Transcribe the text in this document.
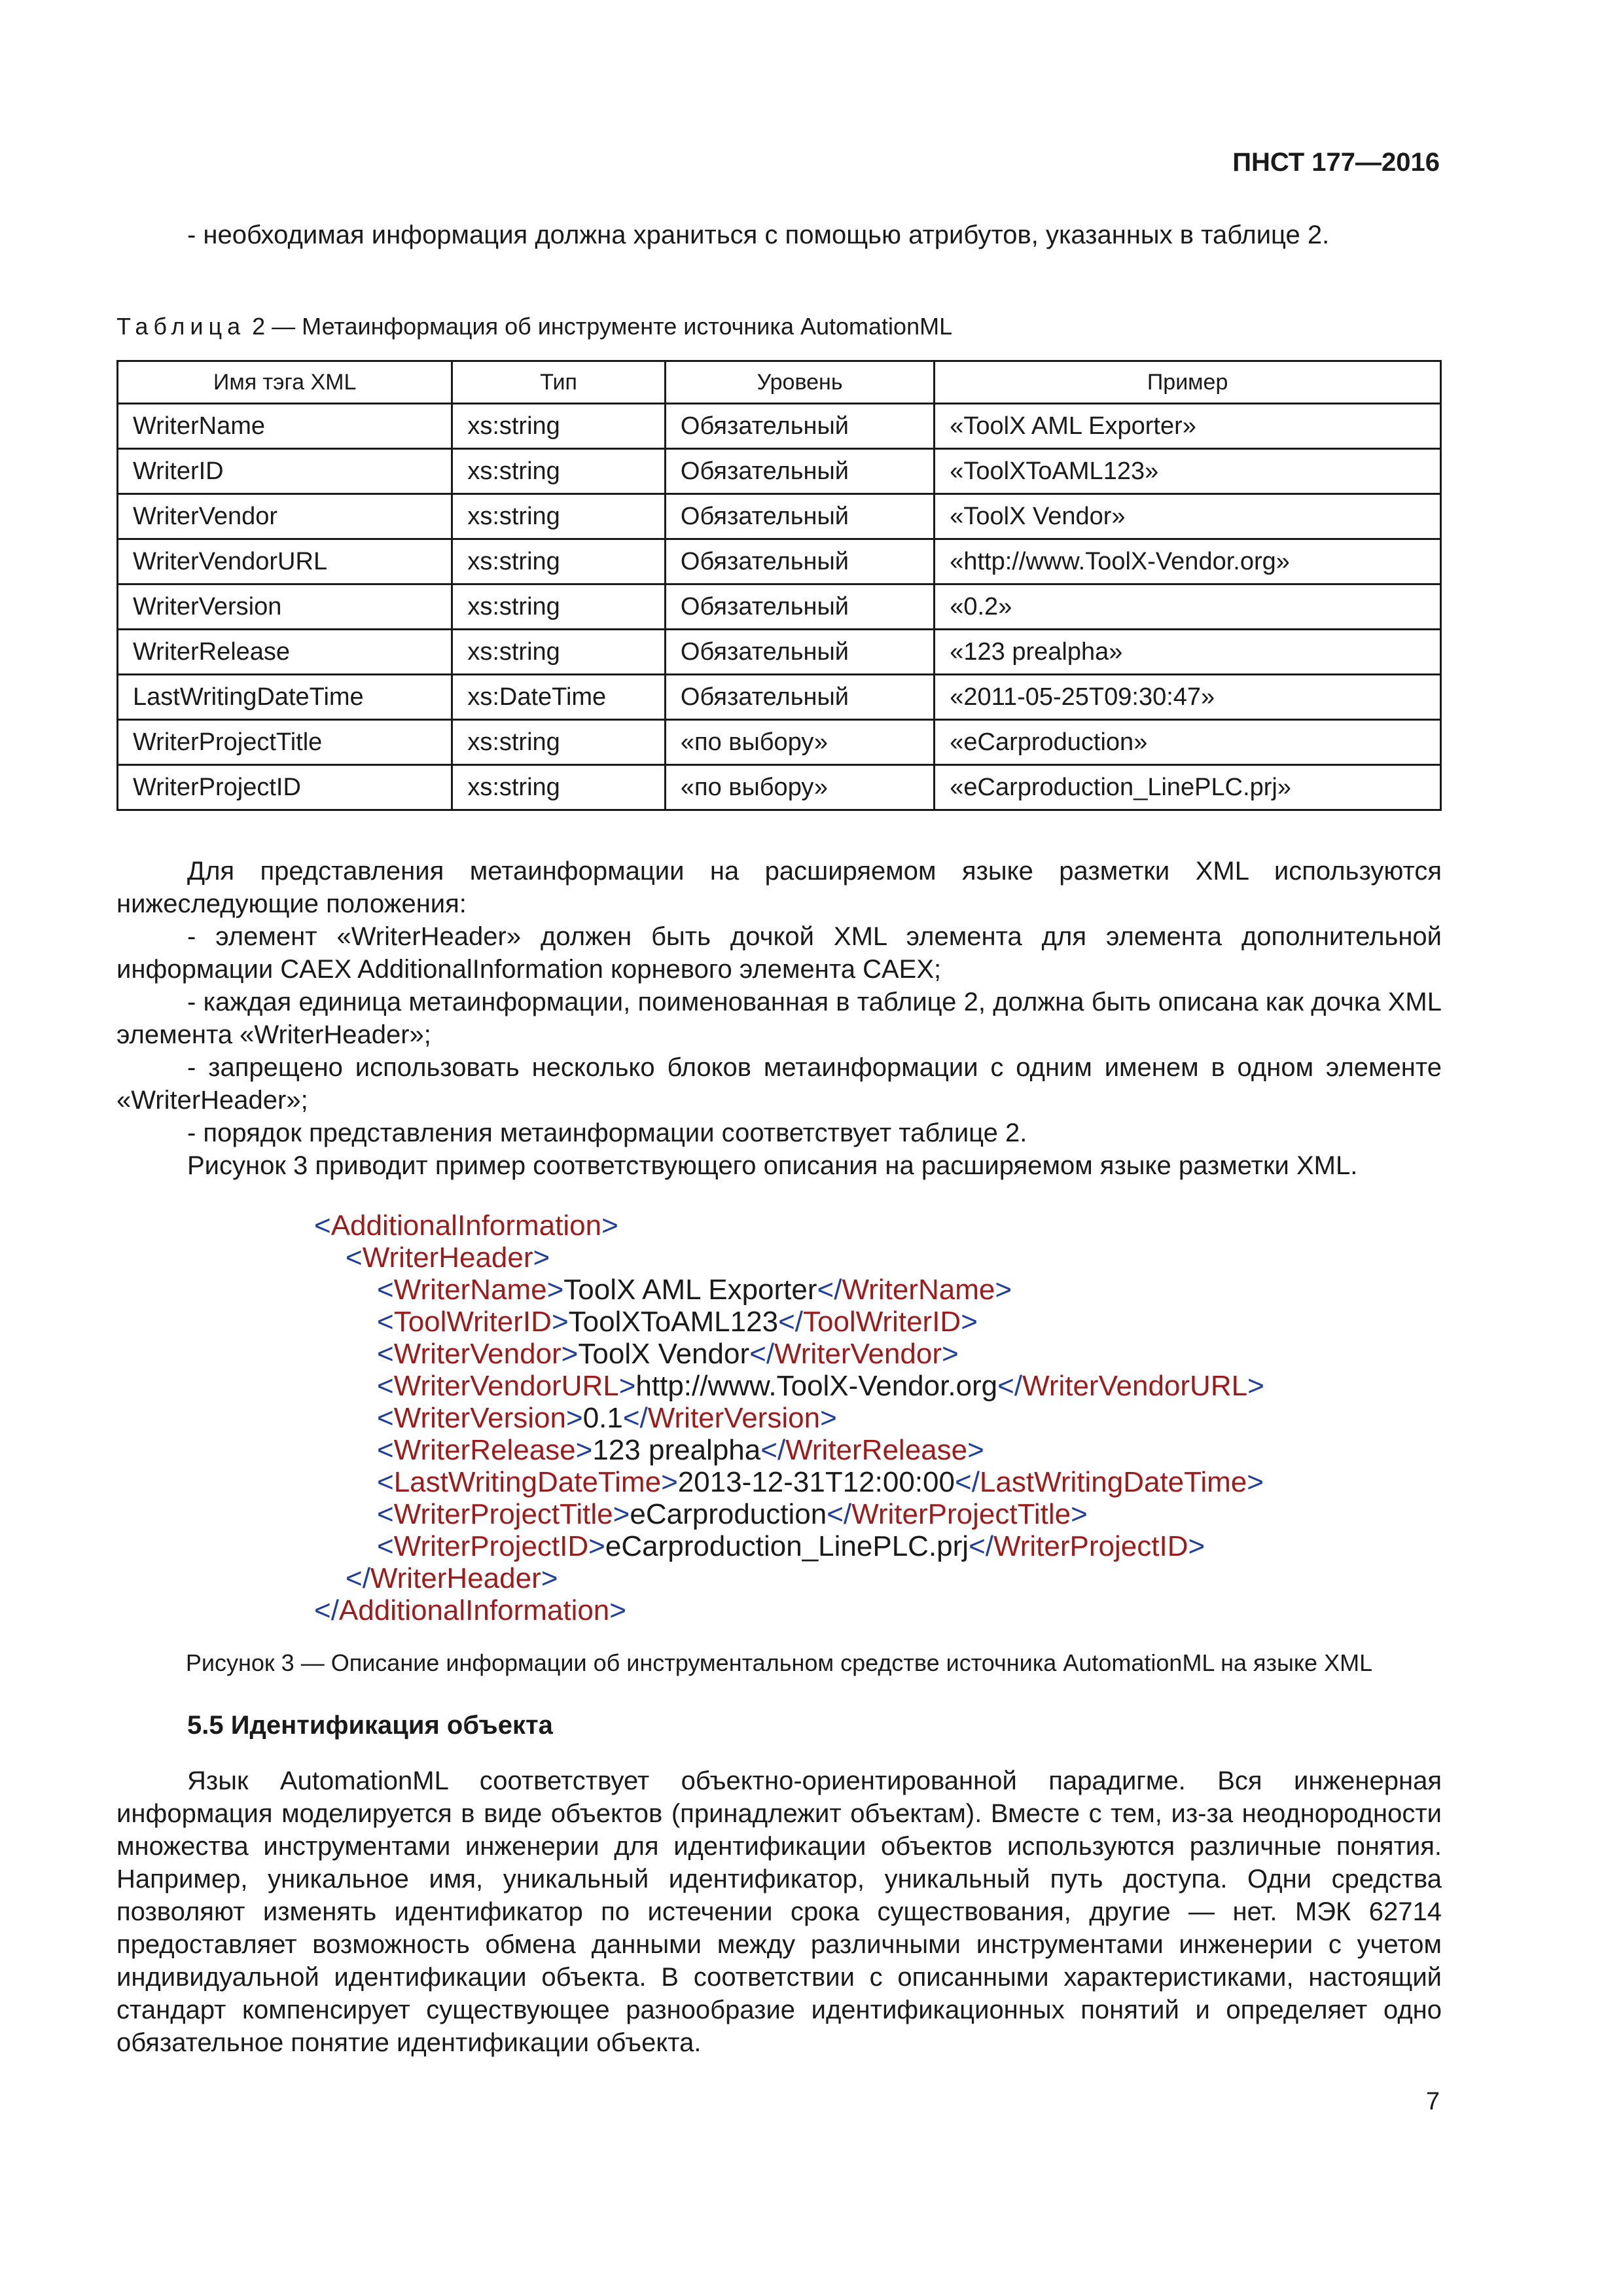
ПНСТ 177—2016
- необходимая информация должна храниться с помощью атрибутов, указанных в таблице 2.
Таблица 2 — Метаинформация об инструменте источника AutomationML
Имя тэга XML	Тип	Уровень	Пример
WriterName	xs:string	Обязательный	«ToolX AML Exporter»
WriterID	xs:string	Обязательный	«ToolXToAML123»
WriterVendor	xs:string	Обязательный	«ToolX Vendor»
WriterVendorURL	xs:string	Обязательный	«http://www.ToolX-Vendor.org»
WriterVersion	xs:string	Обязательный	«0.2»
WriterRelease	xs:string	Обязательный	«123 prealpha»
LastWritingDateTime	xs:DateTime	Обязательный	«2011-05-25T09:30:47»
WriterProjectTitle	xs:string	«по выбору»	«eCarproduction»
WriterProjectID	xs:string	«по выбору»	«eCarproduction_LinePLC.prj»

Для представления метаинформации на расширяемом языке разметки XML используются нижеследующие положения:

- элемент «WriterHeader» должен быть дочкой XML элемента для элемента дополнительной информации CAEX AdditionalInformation корневого элемента CAEX;

- каждая единица метаинформации, поименованная в таблице 2, должна быть описана как дочка XML элемента «WriterHeader»;

- запрещено использовать несколько блоков метаинформации с одним именем в одном элементе «WriterHeader»;

- порядок представления метаинформации соответствует таблице 2.

Рисунок 3 приводит пример соответствующего описания на расширяемом языке разметки XML.

<AdditionalInformation>
<WriterHeader>
<WriterName>ToolX AML Exporter</WriterName>
<ToolWriterID>ToolXToAML123</ToolWriterID>
<WriterVendor>ToolX Vendor</WriterVendor>
<WriterVendorURL>http://www.ToolX-Vendor.org</WriterVendorURL>
<WriterVersion>0.1</WriterVersion>
<WriterRelease>123 prealpha</WriterRelease>
<LastWritingDateTime>2013-12-31T12:00:00</LastWritingDateTime>
<WriterProjectTitle>eCarproduction</WriterProjectTitle>
<WriterProjectID>eCarproduction_LinePLC.prj</WriterProjectID>
</WriterHeader>
</AdditionalInformation>
Рисунок 3 — Описание информации об инструментальном средстве источника AutomationML на языке XML
5.5 Идентификация объекта
Язык AutomationML соответствует объектно-ориентированной парадигме. Вся инженерная информация моделируется в виде объектов (принадлежит объектам). Вместе с тем, из-за неоднородности множества инструментами инженерии для идентификации объектов используются различные понятия. Например, уникальное имя, уникальный идентификатор, уникальный путь доступа. Одни средства позволяют изменять идентификатор по истечении срока существования, другие — нет. МЭК 62714 предоставляет возможность обмена данными между различными инструментами инженерии с учетом индивидуальной идентификации объекта. В соответствии с описанными характеристиками, настоящий стандарт компенсирует существующее разнообразие идентификационных понятий и определяет одно обязательное понятие идентификации объекта.
7
